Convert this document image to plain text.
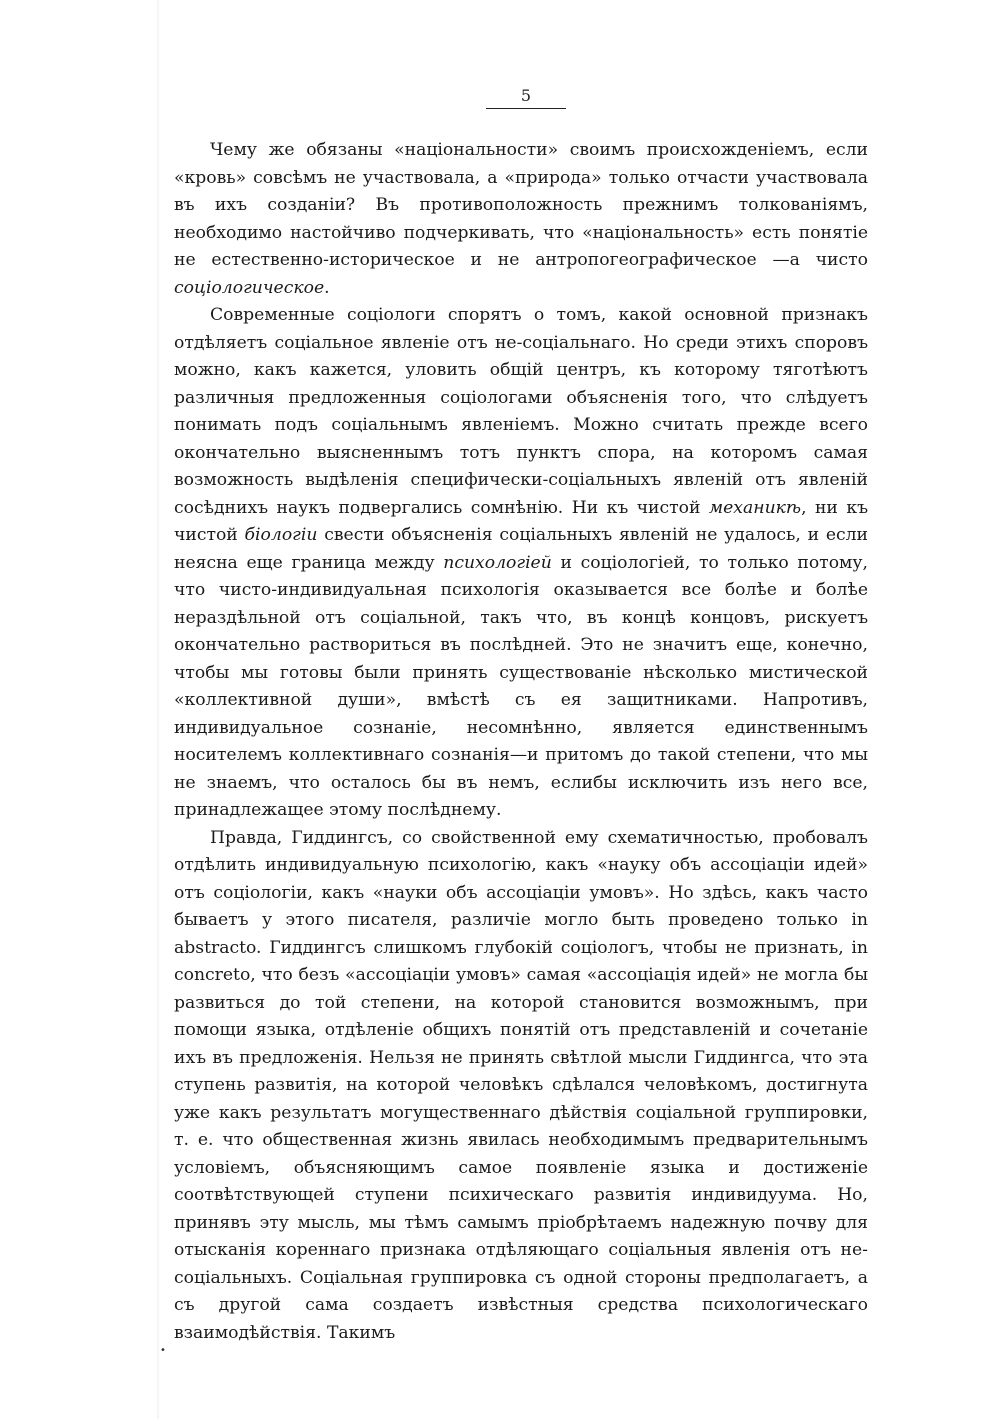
5

Чему же обязаны «національности» своимъ происхожденіемъ, если «кровь» совсѣмъ не участвовала, а «природа» только отчасти участвовала въ ихъ созданіи? Въ противоположность прежнимъ толкованіямъ, необходимо настойчиво подчеркивать, что «національность» есть понятіе не естественно-историческое и не антропогеографическое —а чисто соціологическое.

Современные соціологи спорятъ о томъ, какой основной признакъ отдѣляетъ соціальное явленіе отъ не-соціальнаго. Но среди этихъ споровъ можно, какъ кажется, уловить общій центръ, къ которому тяготѣютъ различныя предложенныя соціологами объясненія того, что слѣдуетъ понимать подъ соціальнымъ явленіемъ. Можно считать прежде всего окончательно выясненнымъ тотъ пунктъ спора, на которомъ самая возможность выдѣленія специфически-соціальныхъ явленій отъ явленій сосѣднихъ наукъ подвергались сомнѣнію. Ни къ чистой механикѣ, ни къ чистой біологіи свести объясненія соціальныхъ явленій не удалось, и если неясна еще граница между психологіей и соціологіей, то только потому, что чисто-индивидуальная психологія оказывается все болѣе и болѣе нераздѣльной отъ соціальной, такъ что, въ концѣ концовъ, рискуетъ окончательно раствориться въ послѣдней. Это не значитъ еще, конечно, чтобы мы готовы были принять существованіе нѣсколько мистической «коллективной души», вмѣстѣ съ ея защитниками. Напротивъ, индивидуальное сознаніе, несомнѣнно, является единственнымъ носителемъ коллективнаго сознанія—и притомъ до такой степени, что мы не знаемъ, что осталось бы въ немъ, еслибы исключить изъ него все, принадлежащее этому послѣднему.

Правда, Гиддингсъ, со свойственной ему схематичностью, пробовалъ отдѣлить индивидуальную психологію, какъ «науку объ ассоціаціи идей» отъ соціологіи, какъ «науки объ ассоціаціи умовъ». Но здѣсь, какъ часто бываетъ у этого писателя, различіе могло быть проведено только in abstracto. Гиддингсъ слишкомъ глубокій соціологъ, чтобы не признать, in concreto, что безъ «ассоціаціи умовъ» самая «ассоціація идей» не могла бы развиться до той степени, на которой становится возможнымъ, при помощи языка, отдѣленіе общихъ понятій отъ представленій и сочетаніе ихъ въ предложенія. Нельзя не принять свѣтлой мысли Гиддингса, что эта ступень развитія, на которой человѣкъ сдѣлался человѣкомъ, достигнута уже какъ результатъ могущественнаго дѣйствія соціальной группировки, т. е. что общественная жизнь явилась необходимымъ предварительнымъ условіемъ, объясняющимъ самое появленіе языка и достиженіе соотвѣтствующей ступени психическаго развитія индивидуума. Но, принявъ эту мысль, мы тѣмъ самымъ пріобрѣтаемъ надежную почву для отысканія кореннаго признака отдѣляющаго соціальныя явленія отъ не-соціальныхъ. Соціальная группировка съ одной стороны предполагаетъ, а съ другой сама создаетъ извѣстныя средства психологическаго взаимодѣйствія. Такимъ

•
